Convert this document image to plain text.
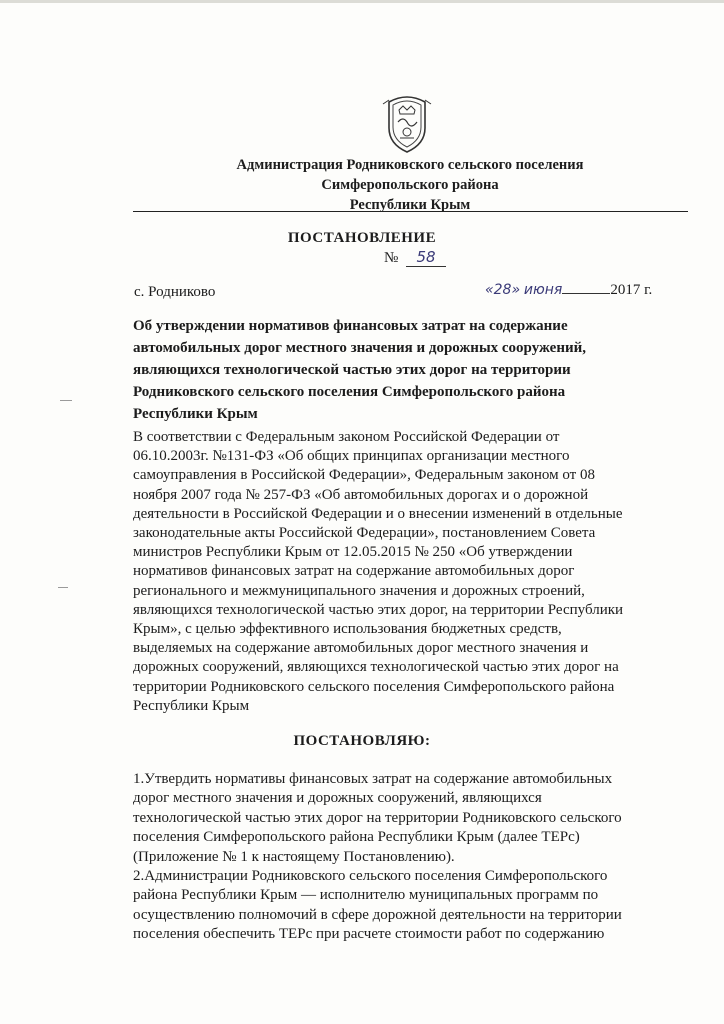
Администрация Родниковского сельского поселения
Симферопольского района
Республики Крым
ПОСТАНОВЛЕНИЕ
№ 58
с. Родниково	«28» июня	2017 г.
Об утверждении нормативов финансовых затрат на содержание
автомобильных дорог местного значения и дорожных сооружений,
являющихся технологической частью этих дорог на территории
Родниковского сельского поселения Симферопольского района
Республики Крым
В соответствии с Федеральным законом Российской Федерации от
06.10.2003г. №131-ФЗ «Об общих принципах организации местного
самоуправления в Российской Федерации», Федеральным законом от 08
ноября 2007 года № 257-ФЗ «Об автомобильных дорогах и о дорожной
деятельности в Российской Федерации и о внесении изменений в отдельные
законодательные акты Российской Федерации», постановлением Совета
министров Республики Крым от 12.05.2015 № 250 «Об утверждении
нормативов финансовых затрат на содержание автомобильных дорог
регионального и межмуниципального значения и дорожных строений,
являющихся технологической частью этих дорог, на территории Республики
Крым», с целью эффективного использования бюджетных средств,
выделяемых на содержание автомобильных дорог местного значения и
дорожных сооружений, являющихся технологической частью этих дорог на
территории Родниковского сельского поселения Симферопольского района
Республики Крым
ПОСТАНОВЛЯЮ:
1.Утвердить нормативы финансовых затрат на содержание автомобильных
дорог местного значения и дорожных сооружений, являющихся
технологической частью этих дорог на территории Родниковского сельского
поселения Симферопольского района Республики Крым (далее ТЕРс)
(Приложение № 1 к настоящему Постановлению).
2.Администрации Родниковского сельского поселения Симферопольского
района Республики Крым — исполнителю муниципальных программ по
осуществлению полномочий в сфере дорожной деятельности на территории
поселения обеспечить ТЕРс при расчете стоимости работ по содержанию
